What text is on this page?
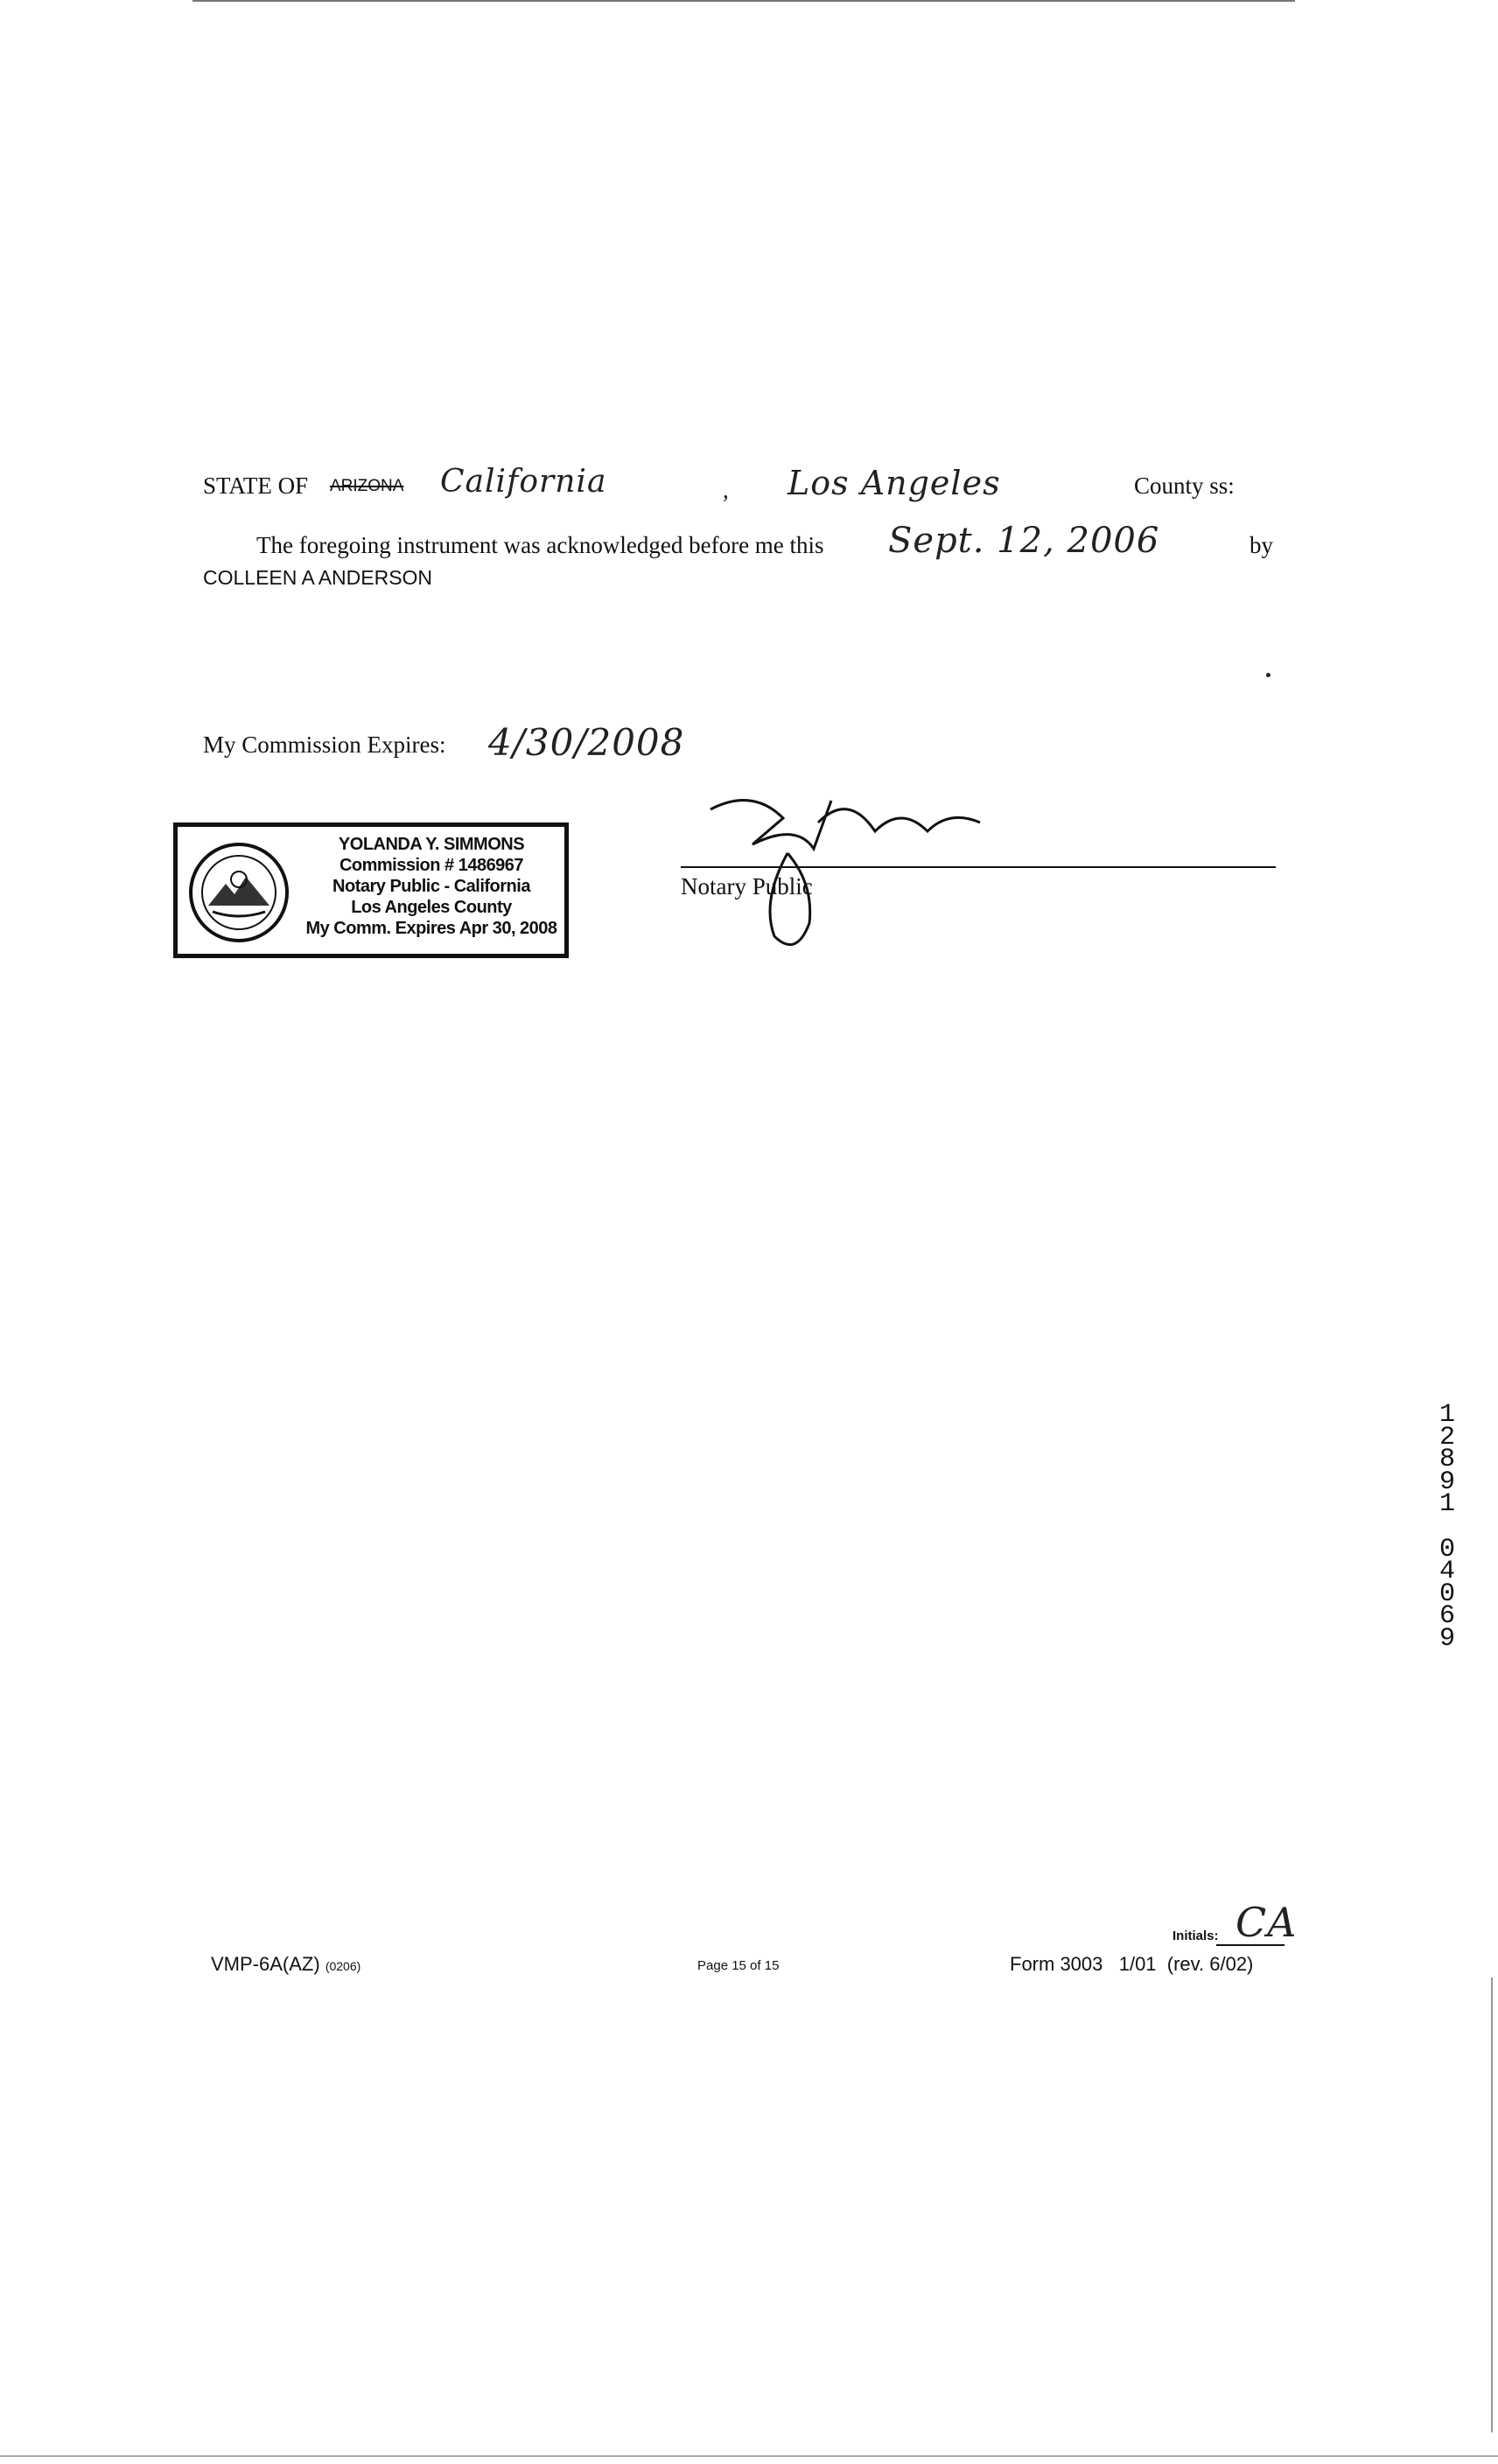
STATE OF ARIZONA California	, Los Angeles	County ss:
The foregoing instrument was acknowledged before me this Sept. 12, 2006	by
COLLEEN A ANDERSON
My Commission Expires: 4/30/2008
YOLANDA Y. SIMMONS
Commission # 1486967
Notary Public - California
Los Angeles County
My Comm. Expires Apr 30, 2008
Notary Public
1
2
8
9
1
0
4
0
6
9
Initials: CA
VMP-6A(AZ) (0206)	Page 15 of 15	Form 3003   1/01  (rev. 6/02)
